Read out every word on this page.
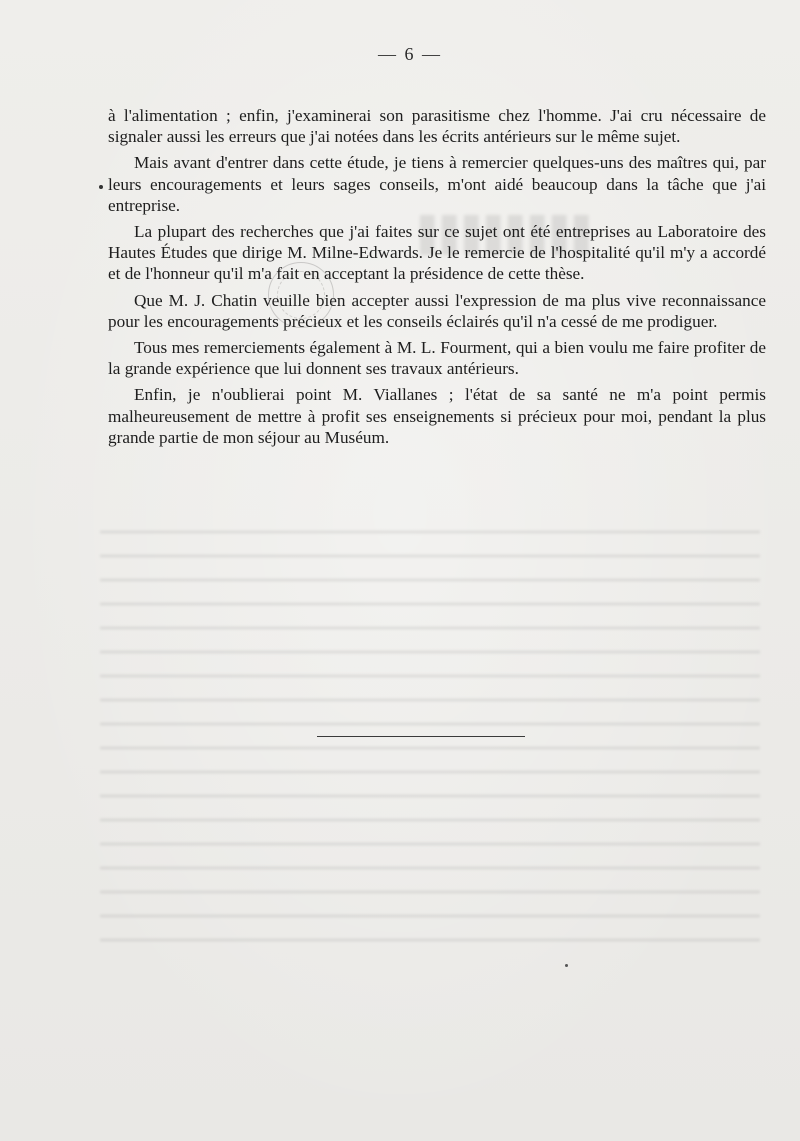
— 6 —

à l'alimentation ; enfin, j'examinerai son parasitisme chez l'homme. J'ai cru nécessaire de signaler aussi les erreurs que j'ai notées dans les écrits antérieurs sur le même sujet.

Mais avant d'entrer dans cette étude, je tiens à remercier quelques-uns des maîtres qui, par leurs encouragements et leurs sages conseils, m'ont aidé beaucoup dans la tâche que j'ai entreprise.

La plupart des recherches que j'ai faites sur ce sujet ont été entreprises au Laboratoire des Hautes Études que dirige M. Milne-Edwards. Je le remercie de l'hospitalité qu'il m'y a accordé et de l'honneur qu'il m'a fait en acceptant la présidence de cette thèse.

Que M. J. Chatin veuille bien accepter aussi l'expression de ma plus vive reconnaissance pour les encouragements précieux et les conseils éclairés qu'il n'a cessé de me prodiguer.

Tous mes remerciements également à M. L. Fourment, qui a bien voulu me faire profiter de la grande expérience que lui donnent ses travaux antérieurs.

Enfin, je n'oublierai point M. Viallanes ; l'état de sa santé ne m'a point permis malheureusement de mettre à profit ses enseignements si précieux pour moi, pendant la plus grande partie de mon séjour au Muséum.
